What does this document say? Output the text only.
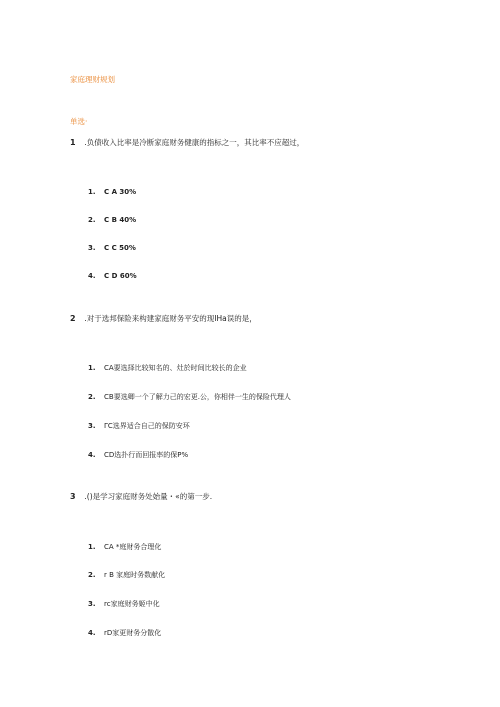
家庭理财规划
单选·
1 .负债收入比率是冷断家庭财务健康的指标之一，其比率不应超过，
1. C A 30%
2. C B 40%
3. C C 50%
4. C D 60%
2 .对于选邦保险来构建家庭财务平安的现IHa误的是，
1. CA要选择比较知名的、灶於时间比较长的企业
2. CB要选卿一个了解力己的宏更.公，你相伴一生的保险代理人
3. ΓC选界适合自己的保防安环
4. CD选扑行而回报率的保P%
3 .()是学习家庭财务处始量・«的第一步.
1. CA *庭财务合理化
2. r B 家庭时务数献化
3. rc家庭财务姬中化
4. rD家更财务分散化
